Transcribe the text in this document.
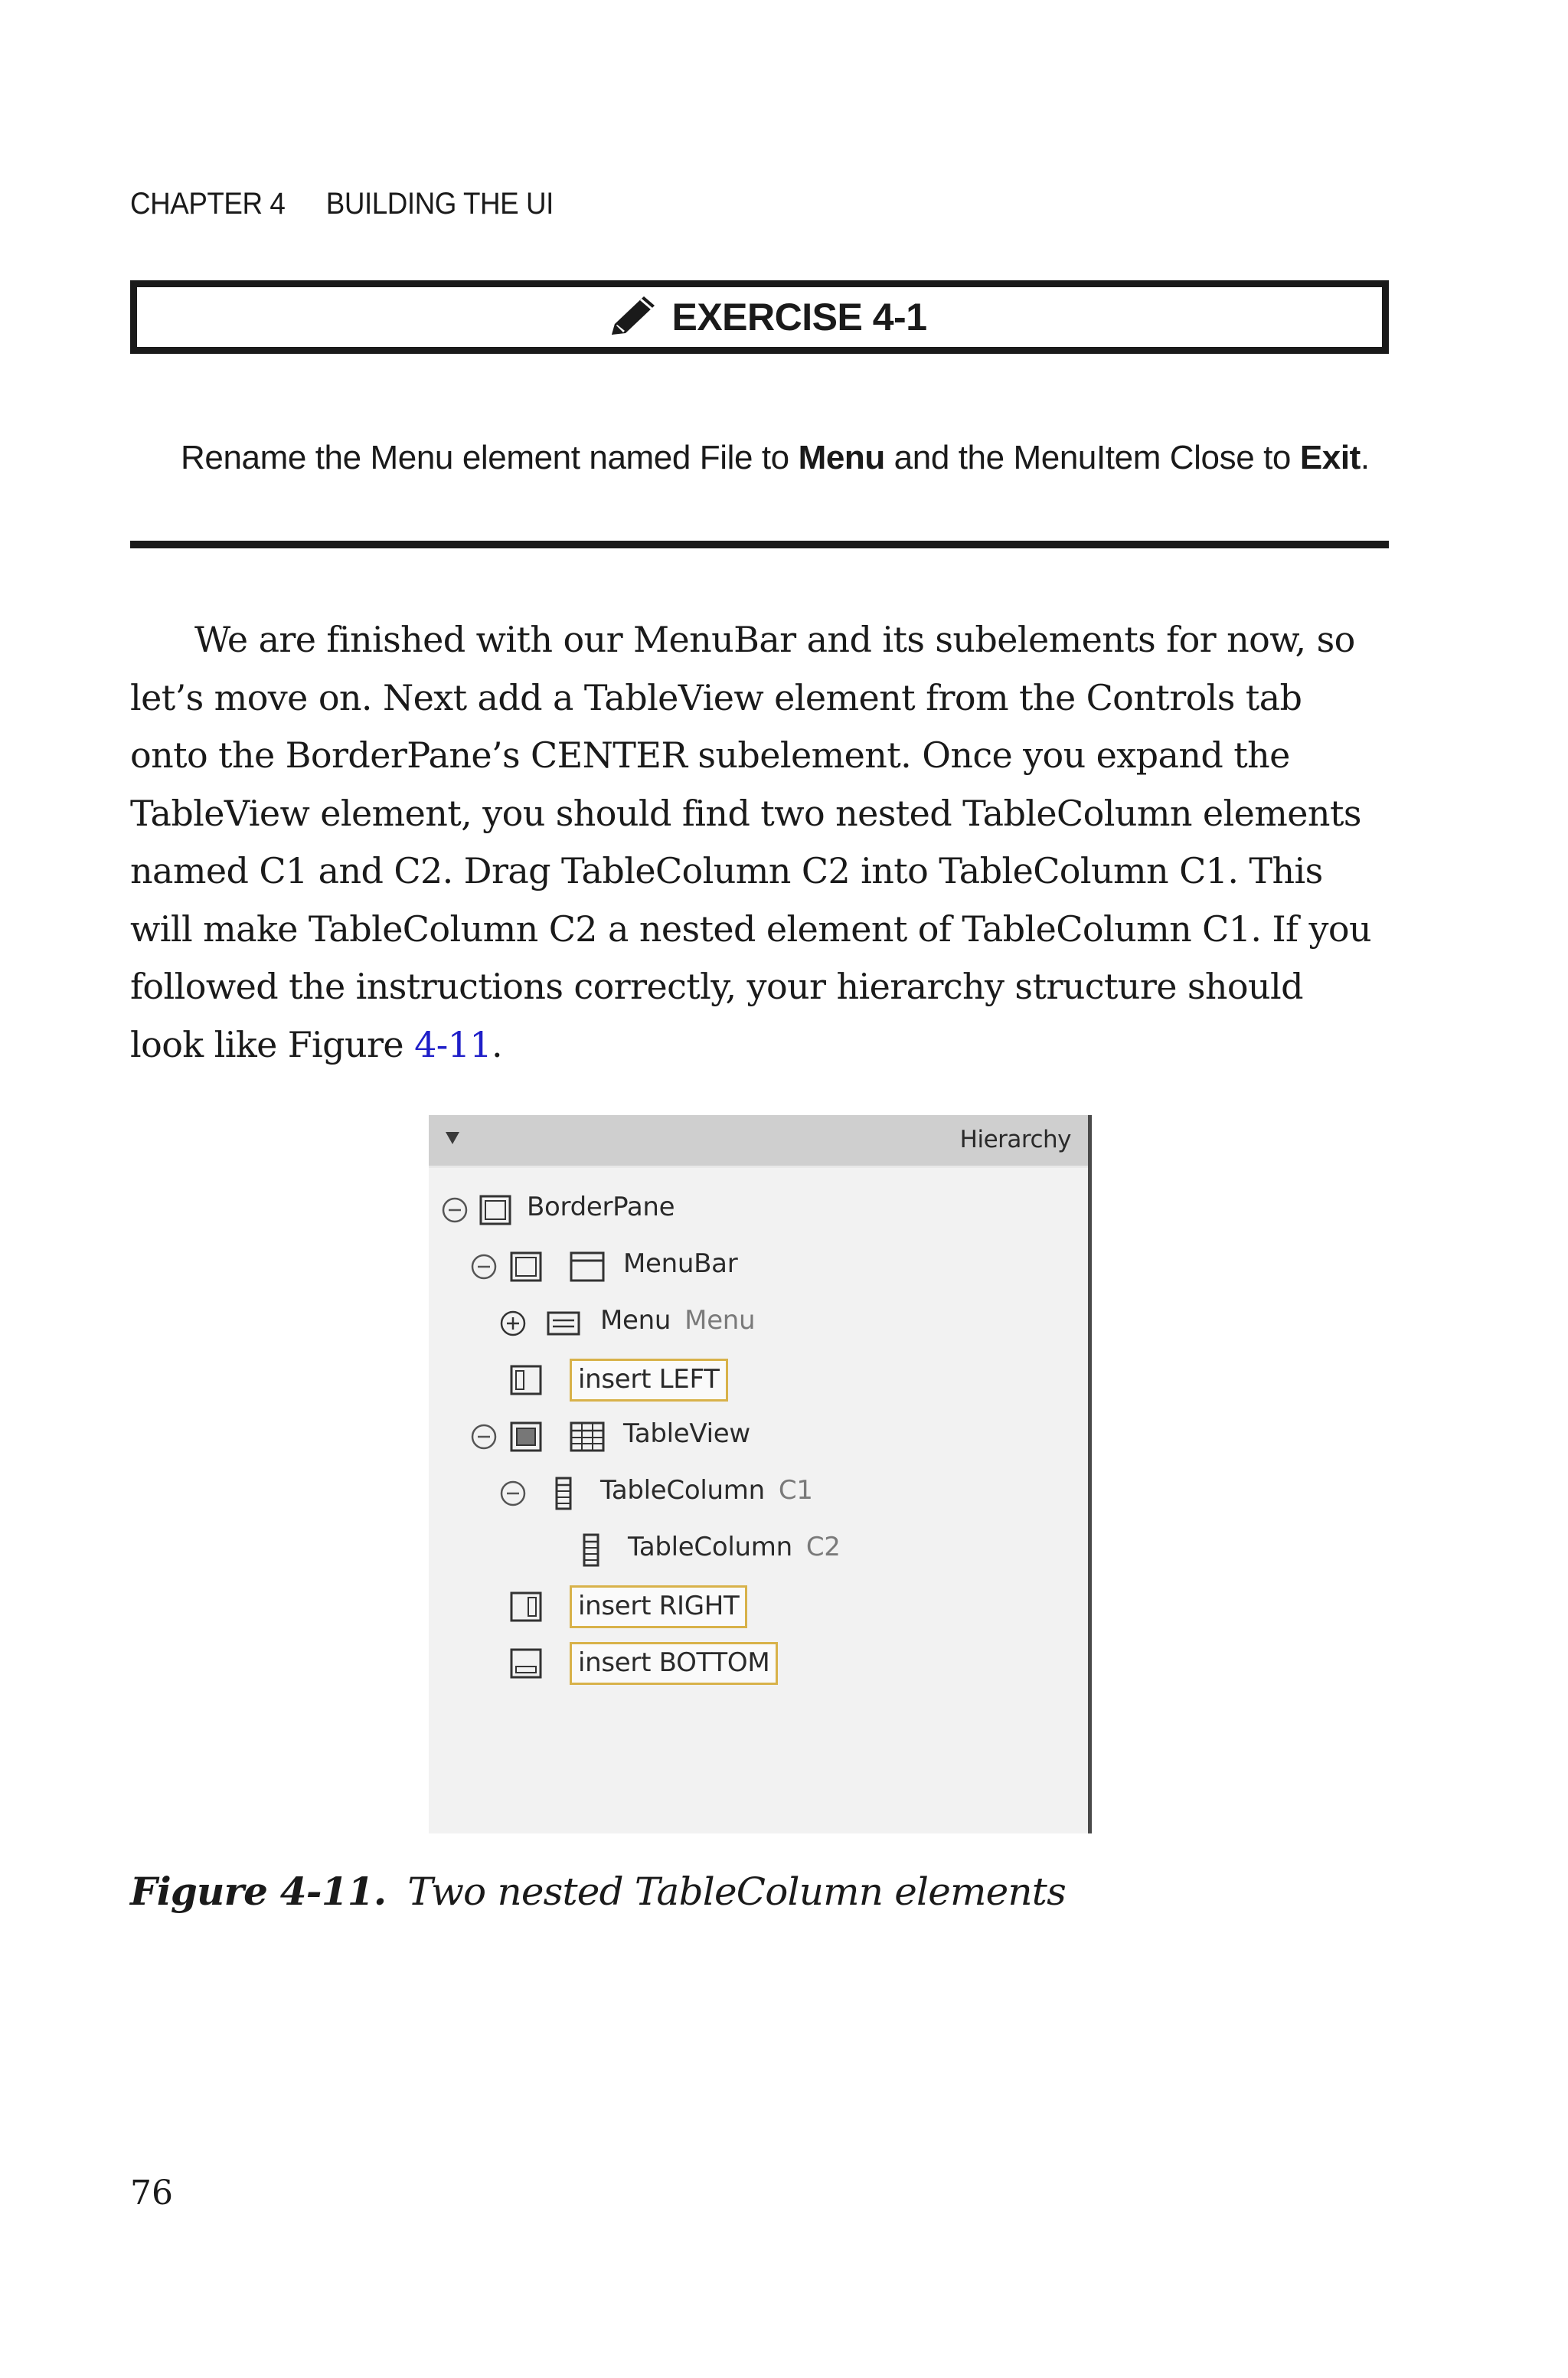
CHAPTER 4 BUILDING THE UI
EXERCISE 4-1
Rename the Menu element named File to Menu and the MenuItem Close to Exit.

We are finished with our MenuBar and its subelements for now, so let’s move on. Next add a TableView element from the Controls tab onto the BorderPane’s CENTER subelement. Once you expand the TableView element, you should find two nested TableColumn elements named C1 and C2. Drag TableColumn C2 into TableColumn C1. This will make TableColumn C2 a nested element of TableColumn C1. If you followed the instructions correctly, your hierarchy structure should look like Figure 4-11.

Hierarchy
BorderPane
MenuBar
Menu Menu
insert LEFT
TableView
TableColumn C1
TableColumn C2
insert RIGHT
insert BOTTOM
Figure 4-11. Two nested TableColumn elements
76
